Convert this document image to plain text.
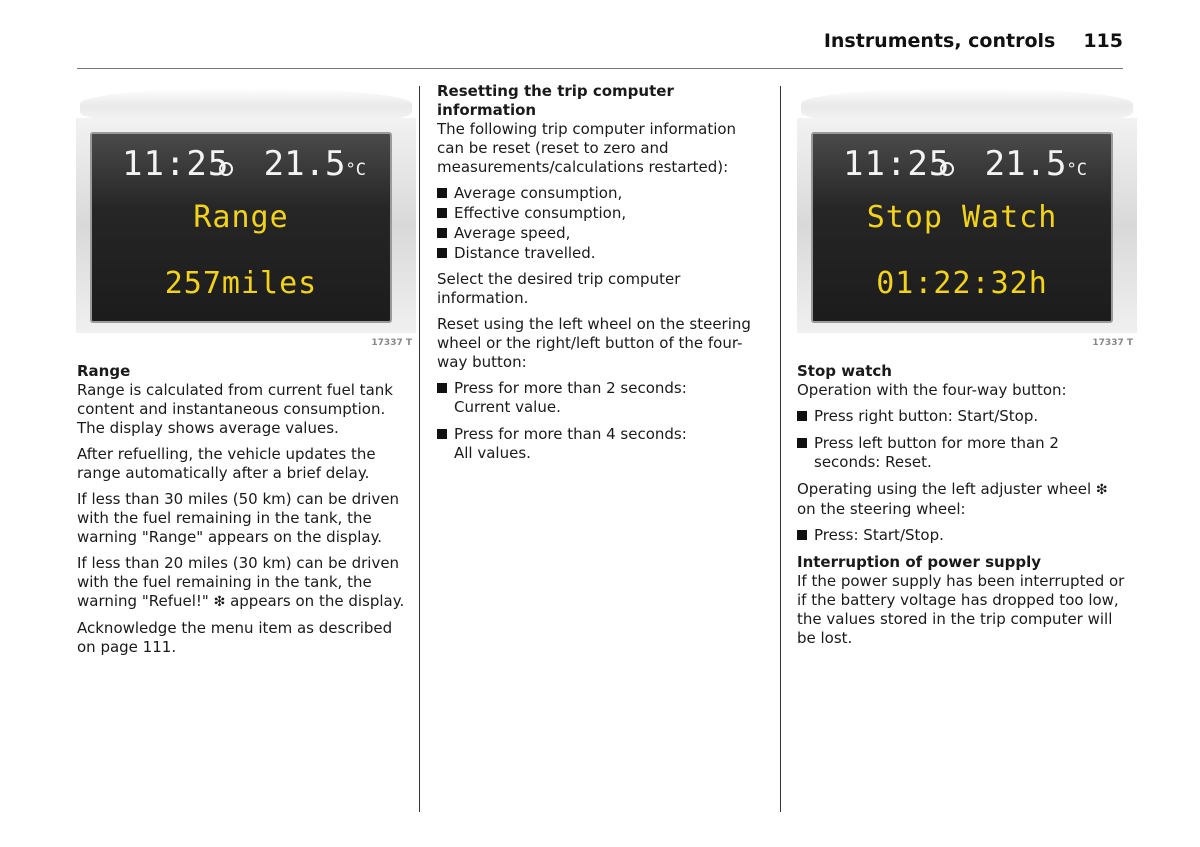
Instruments, controls 115
11:25 21.5°C
Range
257miles
17337 T
11:25 21.5°C
Stop Watch
01:22:32h
17337 T
Range

Range is calculated from current fuel tank content and instantaneous consumption. The display shows average values.

After refuelling, the vehicle updates the range automatically after a brief delay.

If less than 30 miles (50 km) can be driven with the fuel remaining in the tank, the warning "Range" appears on the display.

If less than 20 miles (30 km) can be driven with the fuel remaining in the tank, the warning "Refuel!" ❇ appears on the display.

Acknowledge the menu item as described on page 111.

Resetting the trip computer information

The following trip computer information can be reset (reset to zero and measurements/calculations restarted):

Average consumption,
Effective consumption,
Average speed,
Distance travelled.

Select the desired trip computer information.

Reset using the left wheel on the steering wheel or the right/left button of the four-way button:

Press for more than 2 seconds: Current value.
Press for more than 4 seconds: All values.
Stop watch

Operation with the four-way button:

Press right button: Start/Stop.
Press left button for more than 2 seconds: Reset.

Operating using the left adjuster wheel ❇ on the steering wheel:

Press: Start/Stop.
Interruption of power supply

If the power supply has been interrupted or if the battery voltage has dropped too low, the values stored in the trip computer will be lost.
